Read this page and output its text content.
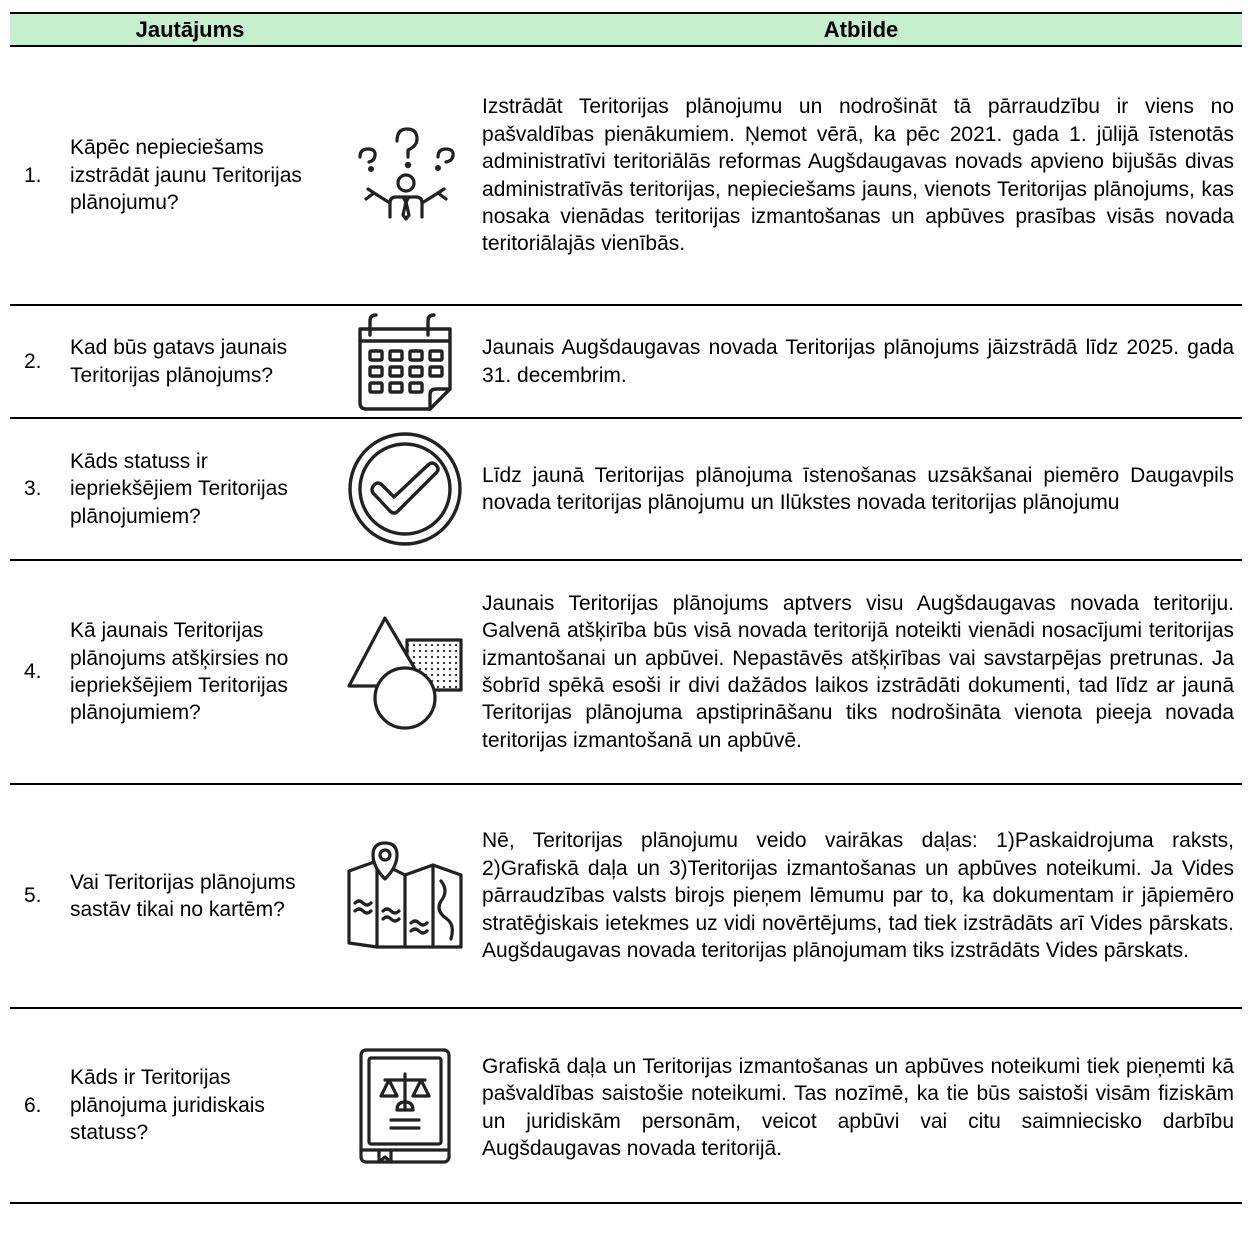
Jautājums			Atbilde
1.	Kāpēc nepieciešams izstrādāt jaunu Teritorijas plānojumu?		Izstrādāt Teritorijas plānojumu un nodrošināt tā pārraudzību ir viens no pašvaldības pienākumiem. Ņemot vērā, ka pēc 2021. gada 1. jūlijā īstenotās administratīvi teritoriālās reformas Augšdaugavas novads apvieno bijušās divas administratīvās teritorijas, nepieciešams jauns, vienots Teritorijas plānojums, kas nosaka vienādas teritorijas izmantošanas un apbūves prasības visās novada teritoriālajās vienībās.
2.	Kad būs gatavs jaunais Teritorijas plānojums?		Jaunais Augšdaugavas novada Teritorijas plānojums jāizstrādā līdz 2025. gada 31. decembrim.
3.	Kāds statuss ir iepriekšējiem Teritorijas plānojumiem?		Līdz jaunā Teritorijas plānojuma īstenošanas uzsākšanai piemēro Daugavpils novada teritorijas plānojumu un Ilūkstes novada teritorijas plānojumu
4.	Kā jaunais Teritorijas plānojums atšķirsies no iepriekšējiem Teritorijas plānojumiem?		Jaunais Teritorijas plānojums aptvers visu Augšdaugavas novada teritoriju. Galvenā atšķirība būs visā novada teritorijā noteikti vienādi nosacījumi teritorijas izmantošanai un apbūvei. Nepastāvēs atšķirības vai savstarpējas pretrunas. Ja šobrīd spēkā esoši ir divi dažādos laikos izstrādāti dokumenti, tad līdz ar jaunā Teritorijas plānojuma apstiprināšanu tiks nodrošināta vienota pieeja novada teritorijas izmantošanā un apbūvē.
5.	Vai Teritorijas plānojums sastāv tikai no kartēm?		Nē, Teritorijas plānojumu veido vairākas daļas: 1)Paskaidrojuma raksts, 2)Grafiskā daļa un 3)Teritorijas izmantošanas un apbūves noteikumi. Ja Vides pārraudzības valsts birojs pieņem lēmumu par to, ka dokumentam ir jāpiemēro stratēģiskais ietekmes uz vidi novērtējums, tad tiek izstrādāts arī Vides pārskats. Augšdaugavas novada teritorijas plānojumam tiks izstrādāts Vides pārskats.
6.	Kāds ir Teritorijas plānojuma juridiskais statuss?		Grafiskā daļa un Teritorijas izmantošanas un apbūves noteikumi tiek pieņemti kā pašvaldības saistošie noteikumi. Tas nozīmē, ka tie būs saistoši visām fiziskām un juridiskām personām, veicot apbūvi vai citu saimniecisko darbību Augšdaugavas novada teritorijā.
